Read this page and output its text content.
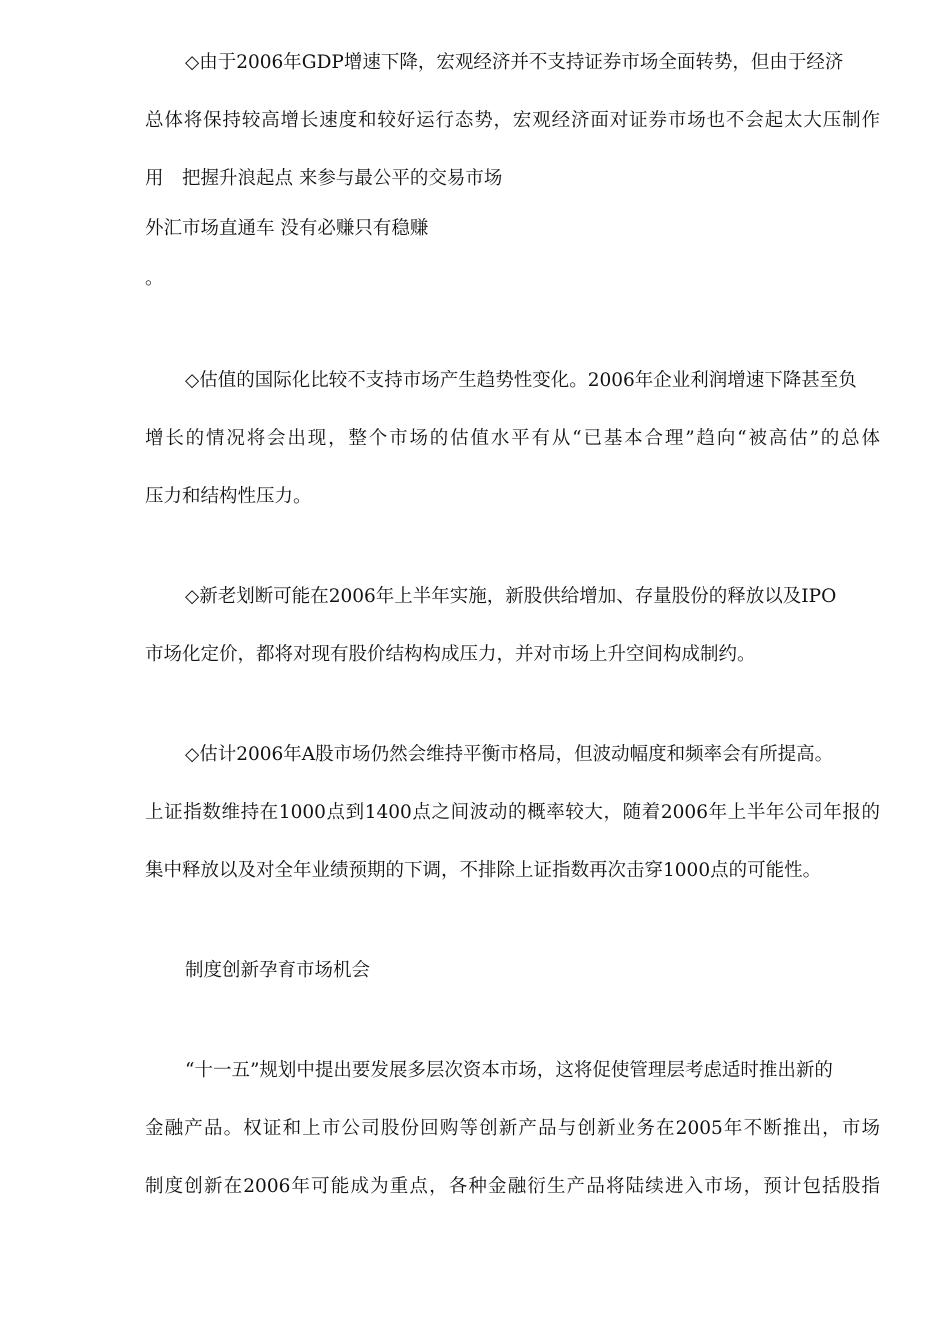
◇由于2006年GDP增速下降，宏观经济并不支持证券市场全面转势，但由于经济
总体将保持较高增长速度和较好运行态势，宏观经济面对证券市场也不会起太大压制作
用　把握升浪起点 来参与最公平的交易市场
外汇市场直通车 没有必赚只有稳赚
。
◇估值的国际化比较不支持市场产生趋势性变化。2006年企业利润增速下降甚至负
增长的情况将会出现，整个市场的估值水平有从“已基本合理”趋向“被高估”的总体
压力和结构性压力。
◇新老划断可能在2006年上半年实施，新股供给增加、存量股份的释放以及IPO
市场化定价，都将对现有股价结构构成压力，并对市场上升空间构成制约。
◇估计2006年A股市场仍然会维持平衡市格局，但波动幅度和频率会有所提高。
上证指数维持在1000点到1400点之间波动的概率较大，随着2006年上半年公司年报的
集中释放以及对全年业绩预期的下调，不排除上证指数再次击穿1000点的可能性。
制度创新孕育市场机会
“十一五”规划中提出要发展多层次资本市场，这将促使管理层考虑适时推出新的
金融产品。权证和上市公司股份回购等创新产品与创新业务在2005年不断推出，市场
制度创新在2006年可能成为重点，各种金融衍生产品将陆续进入市场，预计包括股指
